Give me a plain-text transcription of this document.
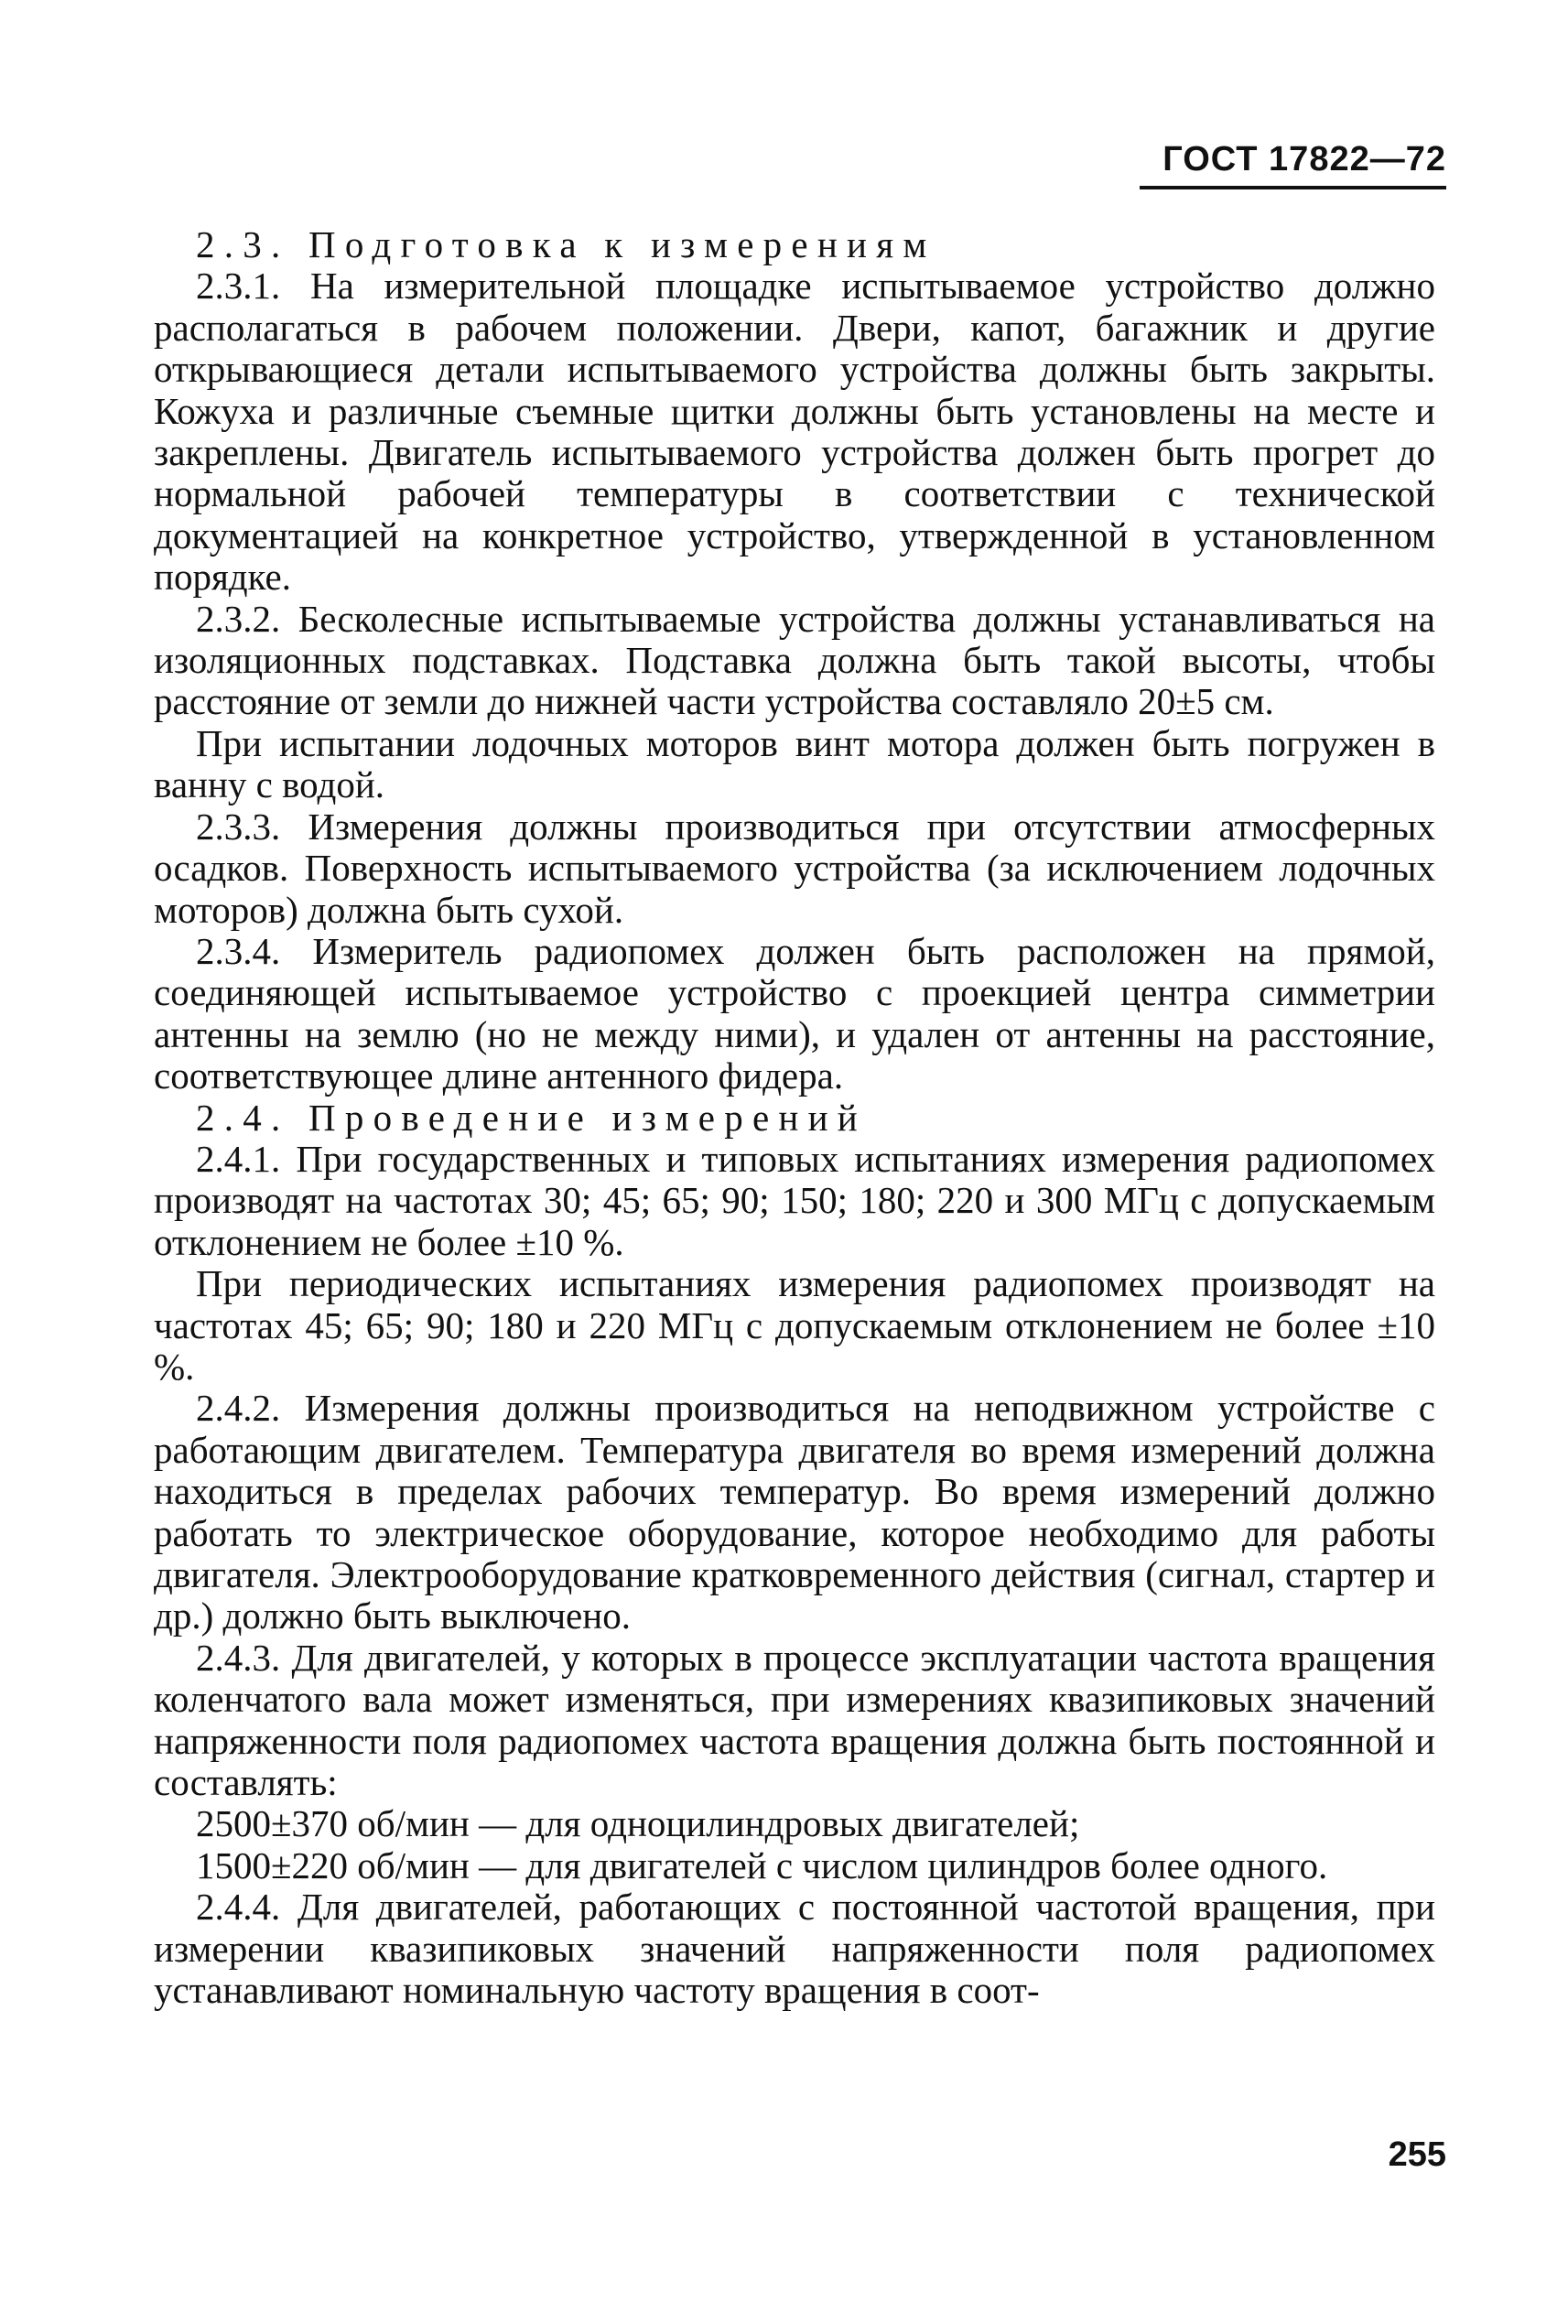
ГОСТ 17822—72

2.3. Подготовка к измерениям

2.3.1. На измерительной площадке испытываемое устройство должно располагаться в рабочем положении. Двери, капот, багажник и другие открывающиеся детали испытываемого устройства должны быть закрыты. Кожуха и различные съемные щитки должны быть установлены на месте и закреплены. Двигатель испытываемого устройства должен быть прогрет до нормальной рабочей температуры в соответствии с технической документацией на конкретное устройство, утвержденной в установленном порядке.

2.3.2. Бесколесные испытываемые устройства должны устанавливаться на изоляционных подставках. Подставка должна быть такой высоты, чтобы расстояние от земли до нижней части устройства составляло 20±5 см.

При испытании лодочных моторов винт мотора должен быть погружен в ванну с водой.

2.3.3. Измерения должны производиться при отсутствии атмосферных осадков. Поверхность испытываемого устройства (за исключением лодочных моторов) должна быть сухой.

2.3.4. Измеритель радиопомех должен быть расположен на прямой, соединяющей испытываемое устройство с проекцией центра симметрии антенны на землю (но не между ними), и удален от антенны на расстояние, соответствующее длине антенного фидера.

2.4. Проведение измерений

2.4.1. При государственных и типовых испытаниях измерения радиопомех производят на частотах 30; 45; 65; 90; 150; 180; 220 и 300 МГц с допускаемым отклонением не более ±10 %.

При периодических испытаниях измерения радиопомех производят на частотах 45; 65; 90; 180 и 220 МГц с допускаемым отклонением не более ±10 %.

2.4.2. Измерения должны производиться на неподвижном устройстве с работающим двигателем. Температура двигателя во время измерений должна находиться в пределах рабочих температур. Во время измерений должно работать то электрическое оборудование, которое необходимо для работы двигателя. Электрооборудование кратковременного действия (сигнал, стартер и др.) должно быть выключено.

2.4.3. Для двигателей, у которых в процессе эксплуатации частота вращения коленчатого вала может изменяться, при измерениях квазипиковых значений напряженности поля радиопомех частота вращения должна быть постоянной и составлять:

2500±370 об/мин — для одноцилиндровых двигателей;

1500±220 об/мин — для двигателей с числом цилиндров более одного.

2.4.4. Для двигателей, работающих с постоянной частотой вращения, при измерении квазипиковых значений напряженности поля радиопомех устанавливают номинальную частоту вращения в соот-

255
